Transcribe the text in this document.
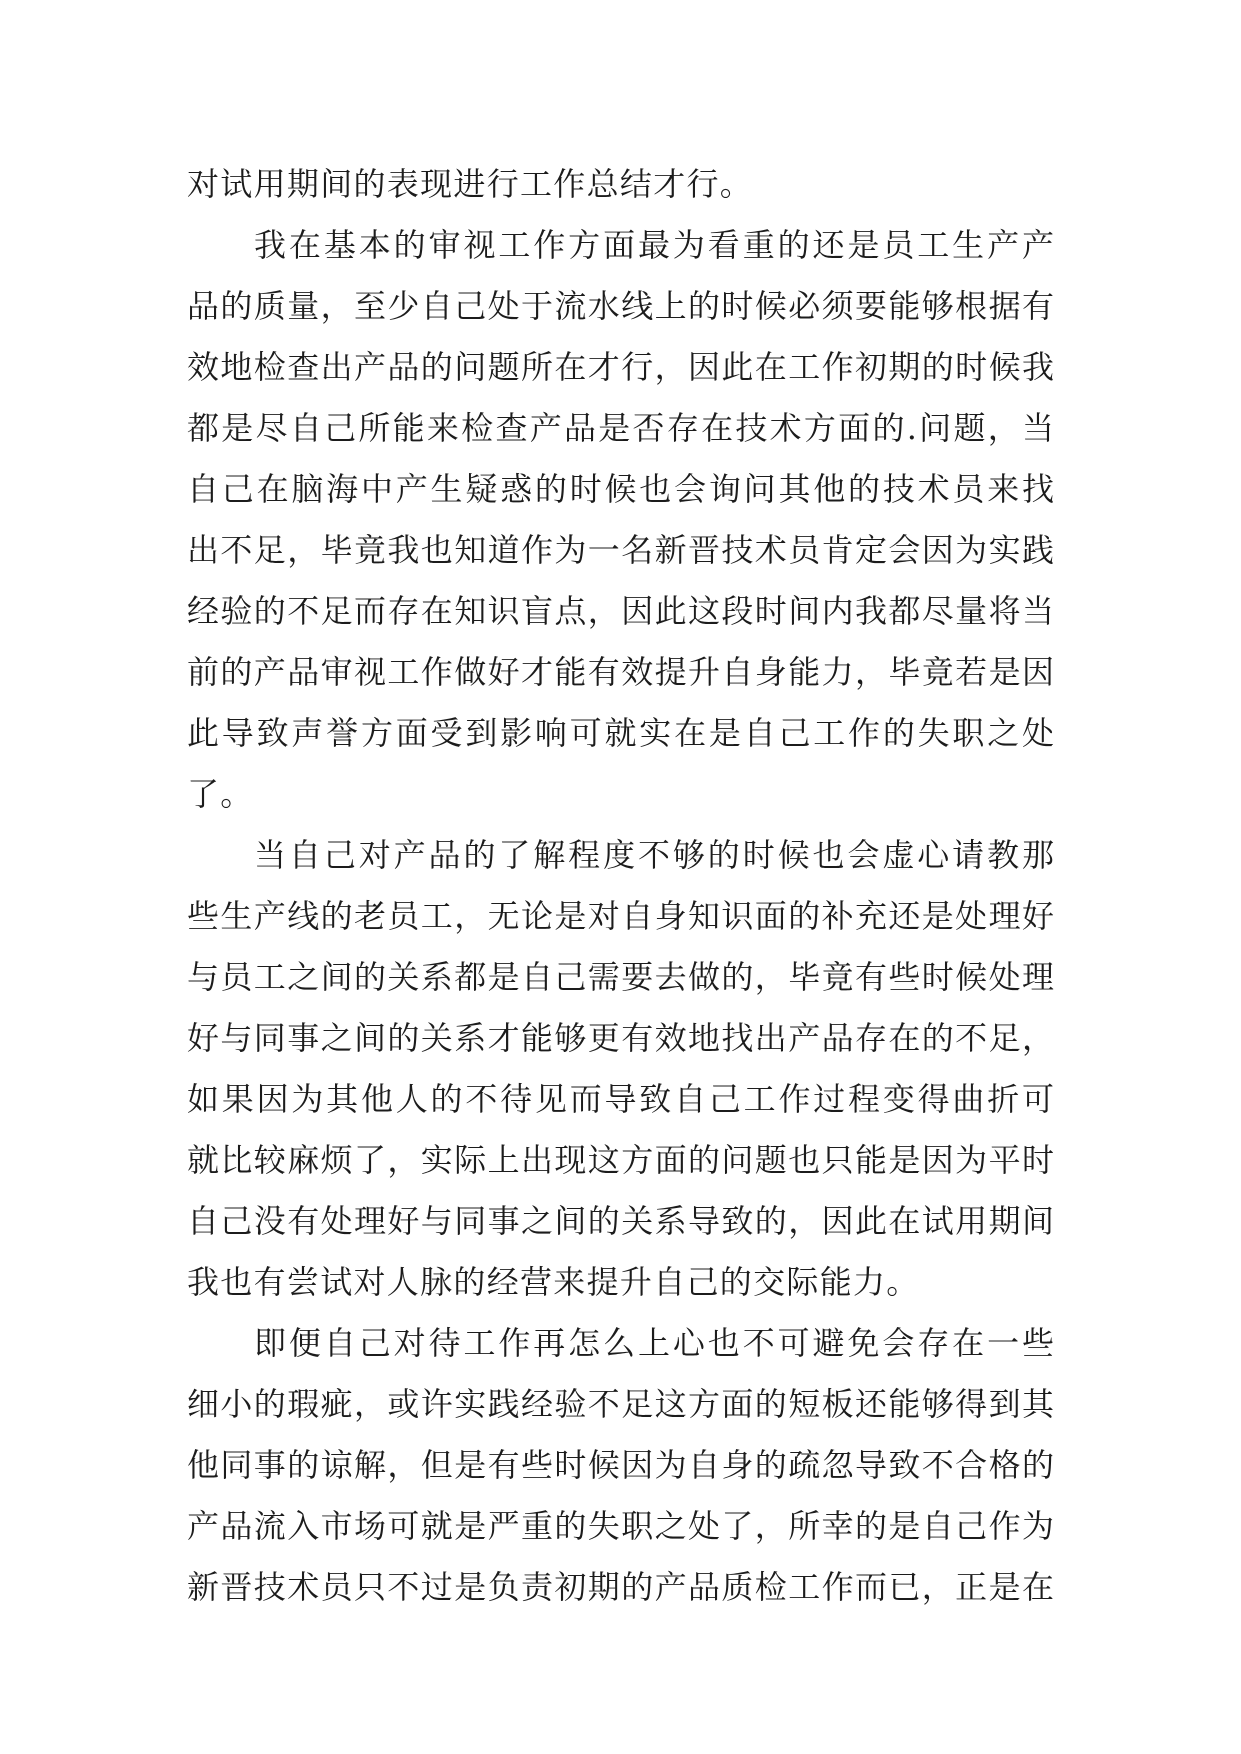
对试用期间的表现进行工作总结才行。
我在基本的审视工作方面最为看重的还是员工生产产
品的质量，至少自己处于流水线上的时候必须要能够根据有
效地检查出产品的问题所在才行，因此在工作初期的时候我
都是尽自己所能来检查产品是否存在技术方面的.问题，当
自己在脑海中产生疑惑的时候也会询问其他的技术员来找
出不足，毕竟我也知道作为一名新晋技术员肯定会因为实践
经验的不足而存在知识盲点，因此这段时间内我都尽量将当
前的产品审视工作做好才能有效提升自身能力，毕竟若是因
此导致声誉方面受到影响可就实在是自己工作的失职之处
了。
当自己对产品的了解程度不够的时候也会虚心请教那
些生产线的老员工，无论是对自身知识面的补充还是处理好
与员工之间的关系都是自己需要去做的，毕竟有些时候处理
好与同事之间的关系才能够更有效地找出产品存在的不足，
如果因为其他人的不待见而导致自己工作过程变得曲折可
就比较麻烦了，实际上出现这方面的问题也只能是因为平时
自己没有处理好与同事之间的关系导致的，因此在试用期间
我也有尝试对人脉的经营来提升自己的交际能力。
即便自己对待工作再怎么上心也不可避免会存在一些
细小的瑕疵，或许实践经验不足这方面的短板还能够得到其
他同事的谅解，但是有些时候因为自身的疏忽导致不合格的
产品流入市场可就是严重的失职之处了，所幸的是自己作为
新晋技术员只不过是负责初期的产品质检工作而已，正是在
